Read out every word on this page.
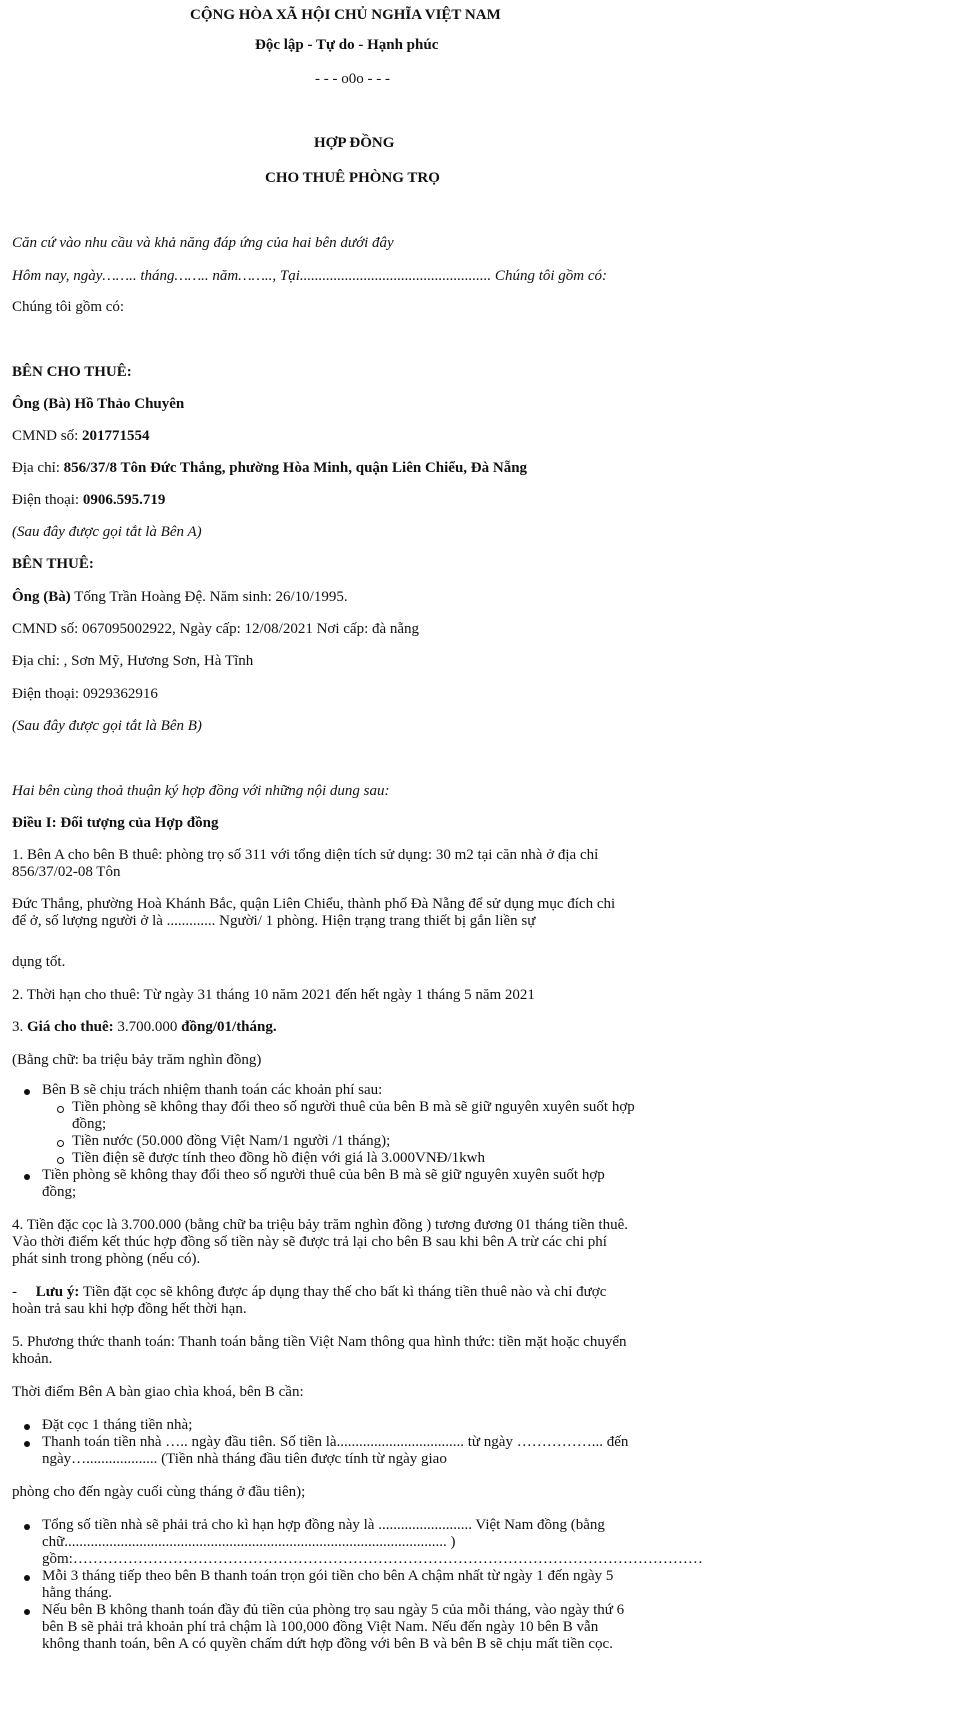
CỘNG HÒA XÃ HỘI CHỦ NGHĨA VIỆT NAM
Độc lập - Tự do - Hạnh phúc
- - - o0o - - -
HỢP ĐỒNG
CHO THUÊ PHÒNG TRỌ
Căn cứ vào nhu cầu và khả năng đáp ứng của hai bên dưới đây
Hôm nay, ngày…….. tháng…….. năm…….., Tại................................................... Chúng tôi gồm có:
Chúng tôi gồm có:
BÊN CHO THUÊ:
Ông (Bà) Hồ Thảo Chuyên
CMND số: 201771554
Địa chỉ: 856/37/8 Tôn Đức Thắng, phường Hòa Minh, quận Liên Chiểu, Đà Nẵng
Điện thoại: 0906.595.719
(Sau đây được gọi tắt là Bên A)
BÊN THUÊ:
Ông (Bà) Tống Trần Hoàng Đệ. Năm sinh: 26/10/1995.
CMND số: 067095002922, Ngày cấp: 12/08/2021 Nơi cấp: đà nẵng
Địa chỉ: , Sơn Mỹ, Hương Sơn, Hà Tĩnh
Điện thoại: 0929362916
(Sau đây được gọi tắt là Bên B)
Hai bên cùng thoả thuận ký hợp đồng với những nội dung sau:
Điều I: Đối tượng của Hợp đồng
1. Bên A cho bên B thuê: phòng trọ số 311 với tổng diện tích sử dụng: 30 m2 tại căn nhà ở địa chỉ
856/37/02-08 Tôn
Đức Thắng, phường Hoà Khánh Bắc, quận Liên Chiểu, thành phố Đà Nẵng để sử dụng mục đích chi
để ở, số lượng người ở là ............. Người/ 1 phòng. Hiện trạng trang thiết bị gắn liền sự
dụng tốt.
2. Thời hạn cho thuê: Từ ngày 31 tháng 10 năm 2021 đến hết ngày 1 tháng 5 năm 2021
3. Giá cho thuê: 3.700.000 đồng/01/tháng.
(Bằng chữ: ba triệu bảy trăm nghìn đồng)
Bên B sẽ chịu trách nhiệm thanh toán các khoản phí sau:
Tiền phòng sẽ không thay đổi theo số người thuê của bên B mà sẽ giữ nguyên xuyên suốt hợp
đồng;
Tiền nước (50.000 đồng Việt Nam/1 người /1 tháng);
Tiền điện sẽ được tính theo đồng hồ điện với giá là 3.000VNĐ/1kwh
Tiền phòng sẽ không thay đổi theo số người thuê của bên B mà sẽ giữ nguyên xuyên suốt hợp
đồng;
4. Tiền đặc cọc là 3.700.000 (bằng chữ ba triệu bảy trăm nghìn đồng ) tương đương 01 tháng tiền thuê.
Vào thời điểm kết thúc hợp đồng số tiền này sẽ được trả lại cho bên B sau khi bên A trừ các chi phí
phát sinh trong phòng (nếu có).
-     Lưu ý: Tiền đặt cọc sẽ không được áp dụng thay thế cho bất kì tháng tiền thuê nào và chỉ được
hoàn trả sau khi hợp đồng hết thời hạn.
5. Phương thức thanh toán: Thanh toán bằng tiền Việt Nam thông qua hình thức: tiền mặt hoặc chuyển
khoản.
Thời điểm Bên A bàn giao chìa khoá, bên B cần:
Đặt cọc 1 tháng tiền nhà;
Thanh toán tiền nhà ….. ngày đầu tiên. Số tiền là.................................. từ ngày ……………... đến
ngày…................... (Tiền nhà tháng đầu tiên được tính từ ngày giao
phòng cho đến ngày cuối cùng tháng ở đầu tiên);
Tổng số tiền nhà sẽ phải trả cho kì hạn hợp đồng này là ......................... Việt Nam đồng (bằng
chữ...................................................................................................... )
gồm:………………………………………………………………………………………………………………
Mỗi 3 tháng tiếp theo bên B thanh toán trọn gói tiền cho bên A chậm nhất từ ngày 1 đến ngày 5
hằng tháng.
Nếu bên B không thanh toán đầy đủ tiền của phòng trọ sau ngày 5 của mỗi tháng, vào ngày thứ 6
bên B sẽ phải trả khoản phí trả chậm là 100,000 đồng Việt Nam. Nếu đến ngày 10 bên B vẫn
không thanh toán, bên A có quyền chấm dứt hợp đồng với bên B và bên B sẽ chịu mất tiền cọc.
